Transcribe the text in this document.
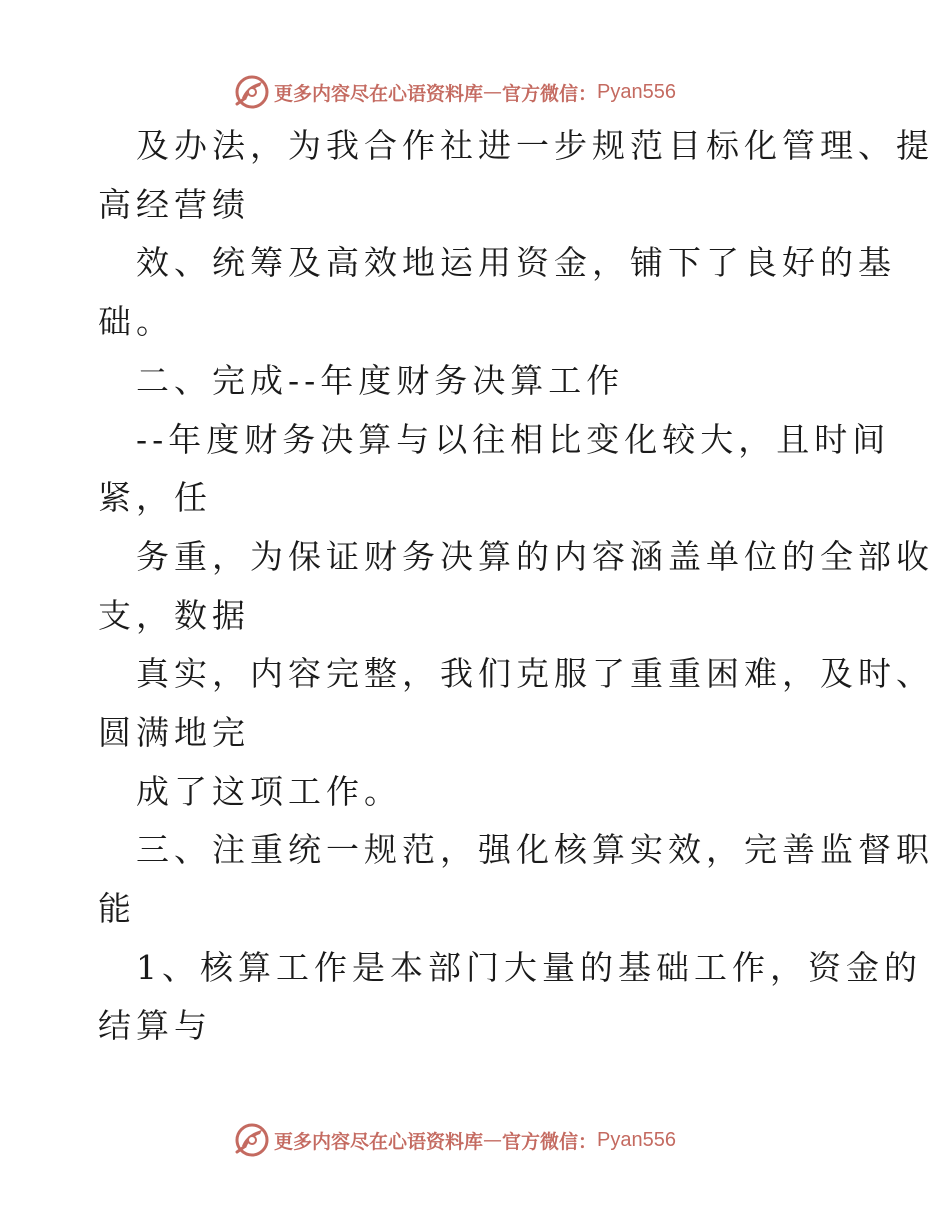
更多内容尽在心语资料库 — 官方微信： Pyan556
及办法，为我合作社进一步规范目标化管理、提
高经营绩
效、统筹及高效地运用资金，铺下了良好的基
础。
二、完成--年度财务决算工作
--年度财务决算与以往相比变化较大，且时间
紧，任
务重，为保证财务决算的内容涵盖单位的全部收
支，数据
真实，内容完整，我们克服了重重困难，及时、
圆满地完
成了这项工作。
三、注重统一规范，强化核算实效，完善监督职
能
1、核算工作是本部门大量的基础工作，资金的
结算与
更多内容尽在心语资料库 — 官方微信： Pyan556
